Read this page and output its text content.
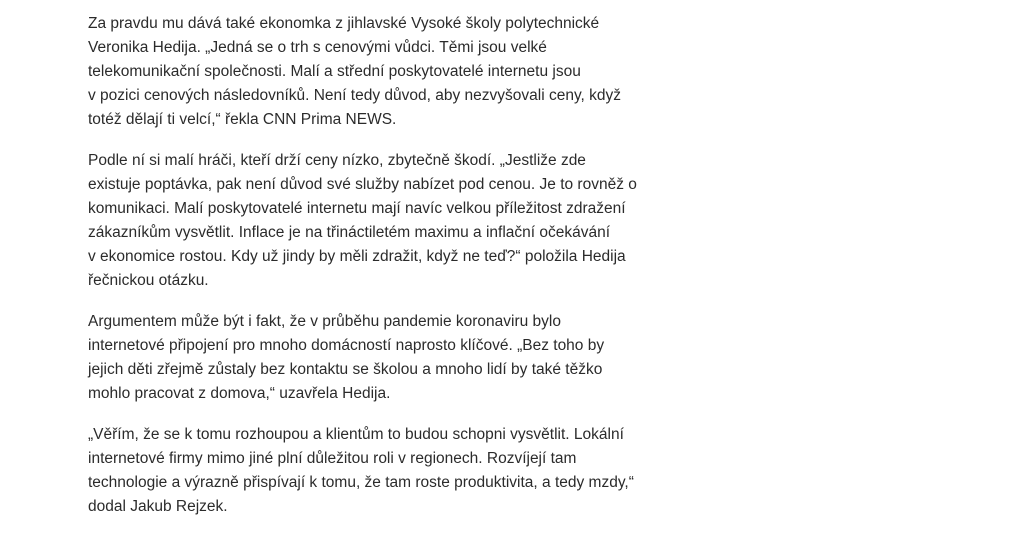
Za pravdu mu dává také ekonomka z jihlavské Vysoké školy polytechnické
Veronika Hedija. „Jedná se o trh s cenovými vůdci. Těmi jsou velké
telekomunikační společnosti. Malí a střední poskytovatelé internetu jsou
v pozici cenových následovníků. Není tedy důvod, aby nezvyšovali ceny, když
totéž dělají ti velcí,“ řekla CNN Prima NEWS.

Podle ní si malí hráči, kteří drží ceny nízko, zbytečně škodí. „Jestliže zde
existuje poptávka, pak není důvod své služby nabízet pod cenou. Je to rovněž o
komunikaci. Malí poskytovatelé internetu mají navíc velkou příležitost zdražení
zákazníkům vysvětlit. Inflace je na třináctiletém maximu a inflační očekávání
v ekonomice rostou. Kdy už jindy by měli zdražit, když ne teď?“ položila Hedija
řečnickou otázku.

Argumentem může být i fakt, že v průběhu pandemie koronaviru bylo
internetové připojení pro mnoho domácností naprosto klíčové. „Bez toho by
jejich děti zřejmě zůstaly bez kontaktu se školou a mnoho lidí by také těžko
mohlo pracovat z domova,“ uzavřela Hedija.

„Věřím, že se k tomu rozhoupou a klientům to budou schopni vysvětlit. Lokální
internetové firmy mimo jiné plní důležitou roli v regionech. Rozvíjejí tam
technologie a výrazně přispívají k tomu, že tam roste produktivita, a tedy mzdy,“
dodal Jakub Rejzek.
